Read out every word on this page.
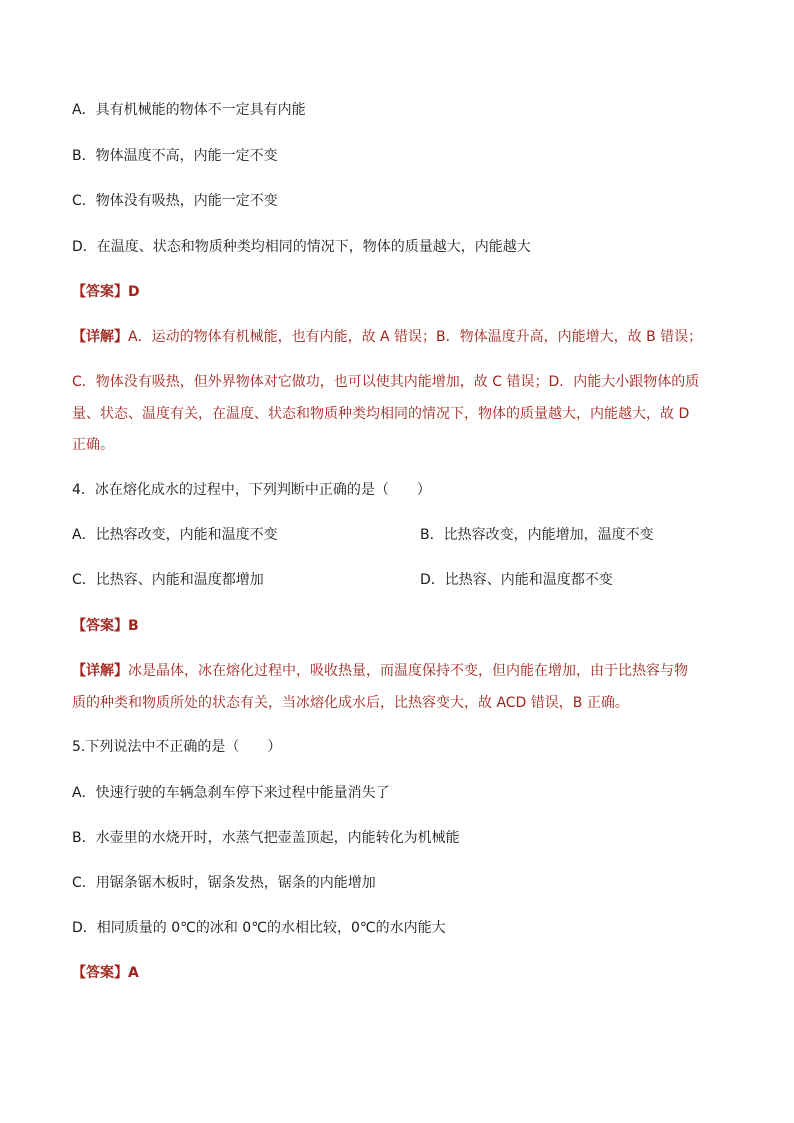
A．具有机械能的物体不一定具有内能
B．物体温度不高，内能一定不变
C．物体没有吸热，内能一定不变
D．在温度、状态和物质种类均相同的情况下，物体的质量越大，内能越大
【答案】D
【详解】A．运动的物体有机械能，也有内能，故 A 错误；B．物体温度升高，内能增大，故 B 错误；
C．物体没有吸热，但外界物体对它做功，也可以使其内能增加，故 C 错误；D．内能大小跟物体的质
量、状态、温度有关，在温度、状态和物质种类均相同的情况下，物体的质量越大，内能越大，故 D
正确。
4．冰在熔化成水的过程中，下列判断中正确的是（　　）
A．比热容改变，内能和温度不变	B．比热容改变，内能增加，温度不变
C．比热容、内能和温度都增加	D．比热容、内能和温度都不变
【答案】B
【详解】冰是晶体，冰在熔化过程中，吸收热量，而温度保持不变，但内能在增加，由于比热容与物
质的种类和物质所处的状态有关，当冰熔化成水后，比热容变大，故 ACD 错误，B 正确。
5.下列说法中不正确的是（　　）
A．快速行驶的车辆急刹车停下来过程中能量消失了
B．水壶里的水烧开时，水蒸气把壶盖顶起，内能转化为机械能
C．用锯条锯木板时，锯条发热，锯条的内能增加
D．相同质量的 0℃的冰和 0℃的水相比较，0℃的水内能大
【答案】A
